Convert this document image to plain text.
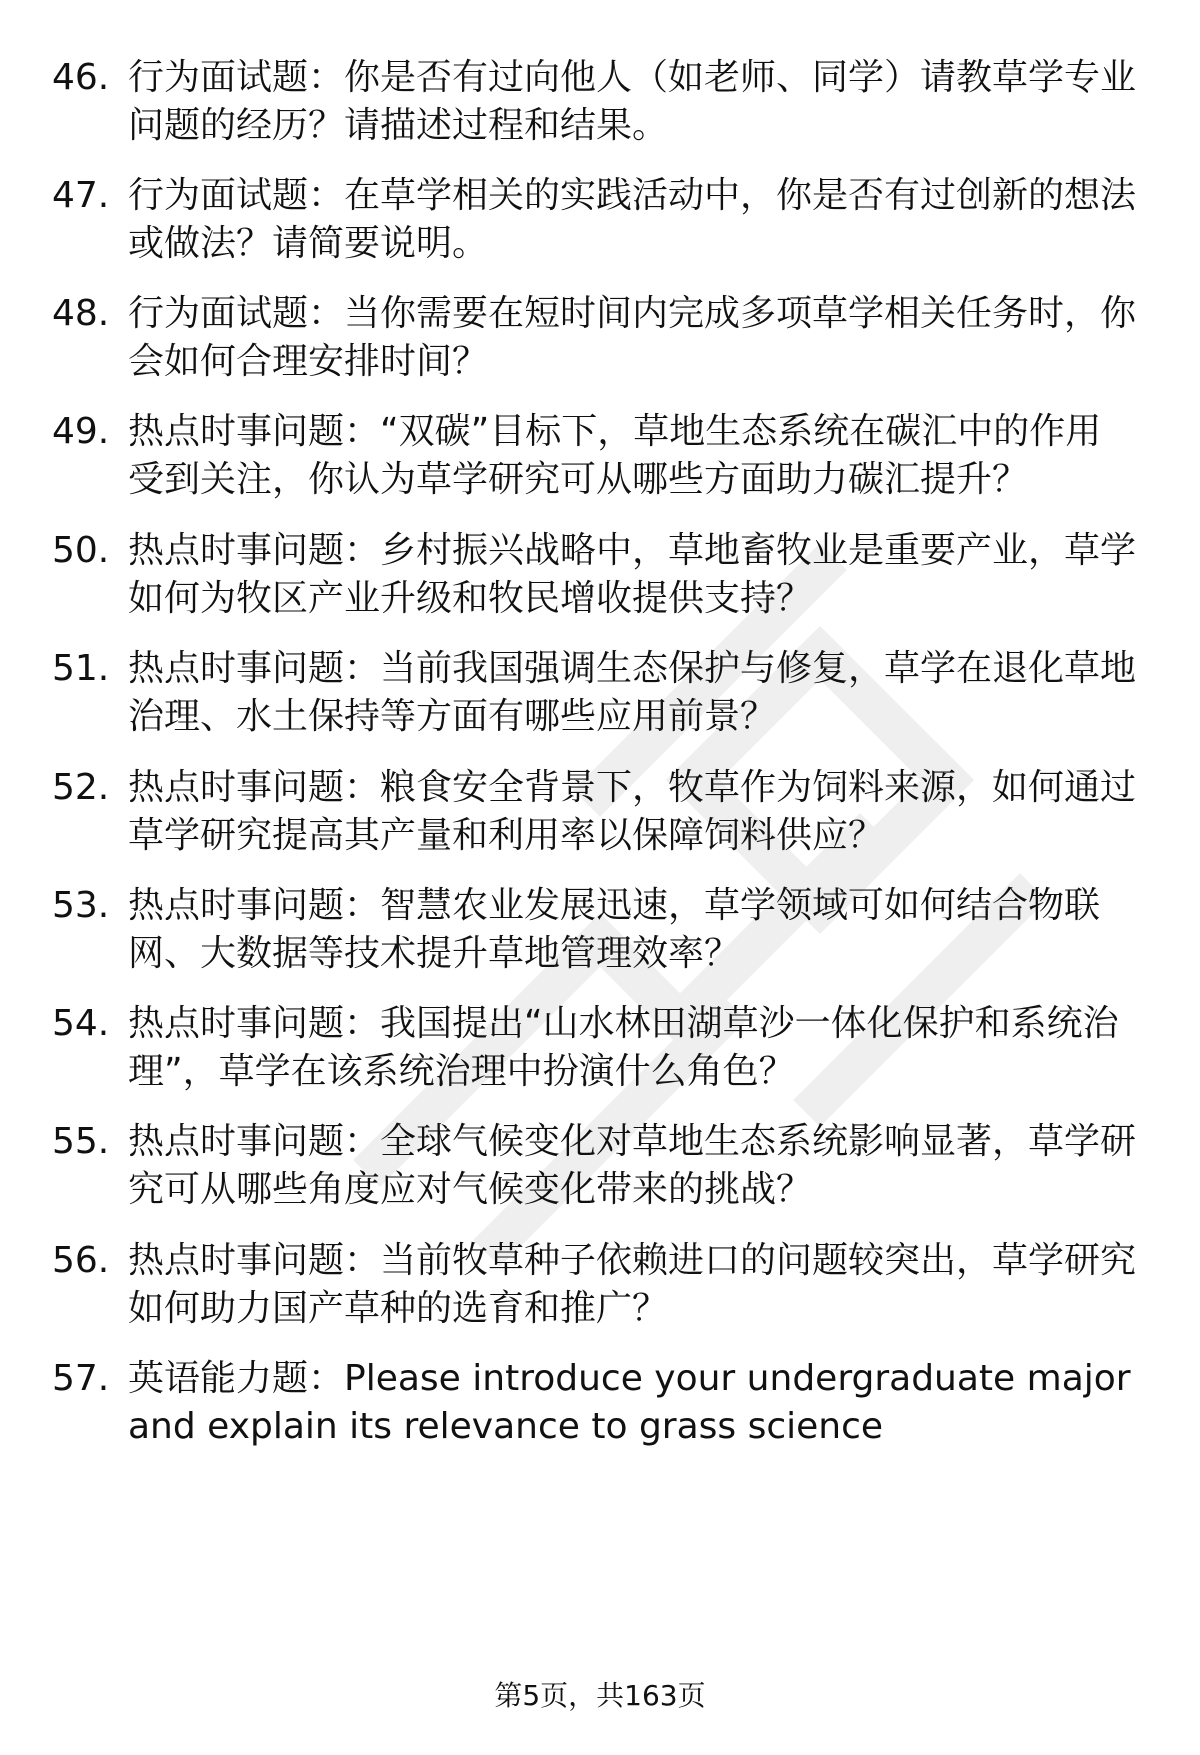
46. 行为面试题：你是否有过向他人（如老师、同学）请教草学专业
问题的经历？请描述过程和结果。
47. 行为面试题：在草学相关的实践活动中，你是否有过创新的想法
或做法？请简要说明。
48. 行为面试题：当你需要在短时间内完成多项草学相关任务时，你
会如何合理安排时间？
49. 热点时事问题：“双碳”目标下，草地生态系统在碳汇中的作用
受到关注，你认为草学研究可从哪些方面助力碳汇提升？
50. 热点时事问题：乡村振兴战略中，草地畜牧业是重要产业，草学
如何为牧区产业升级和牧民增收提供支持？
51. 热点时事问题：当前我国强调生态保护与修复，草学在退化草地
治理、水土保持等方面有哪些应用前景？
52. 热点时事问题：粮食安全背景下，牧草作为饲料来源，如何通过
草学研究提高其产量和利用率以保障饲料供应？
53. 热点时事问题：智慧农业发展迅速，草学领域可如何结合物联
网、大数据等技术提升草地管理效率？
54. 热点时事问题：我国提出“山水林田湖草沙一体化保护和系统治
理”，草学在该系统治理中扮演什么角色？
55. 热点时事问题：全球气候变化对草地生态系统影响显著，草学研
究可从哪些角度应对气候变化带来的挑战？
56. 热点时事问题：当前牧草种子依赖进口的问题较突出，草学研究
如何助力国产草种的选育和推广？
57. 英语能力题：Please introduce your undergraduate major
and explain its relevance to grass science
第5页，共163页
